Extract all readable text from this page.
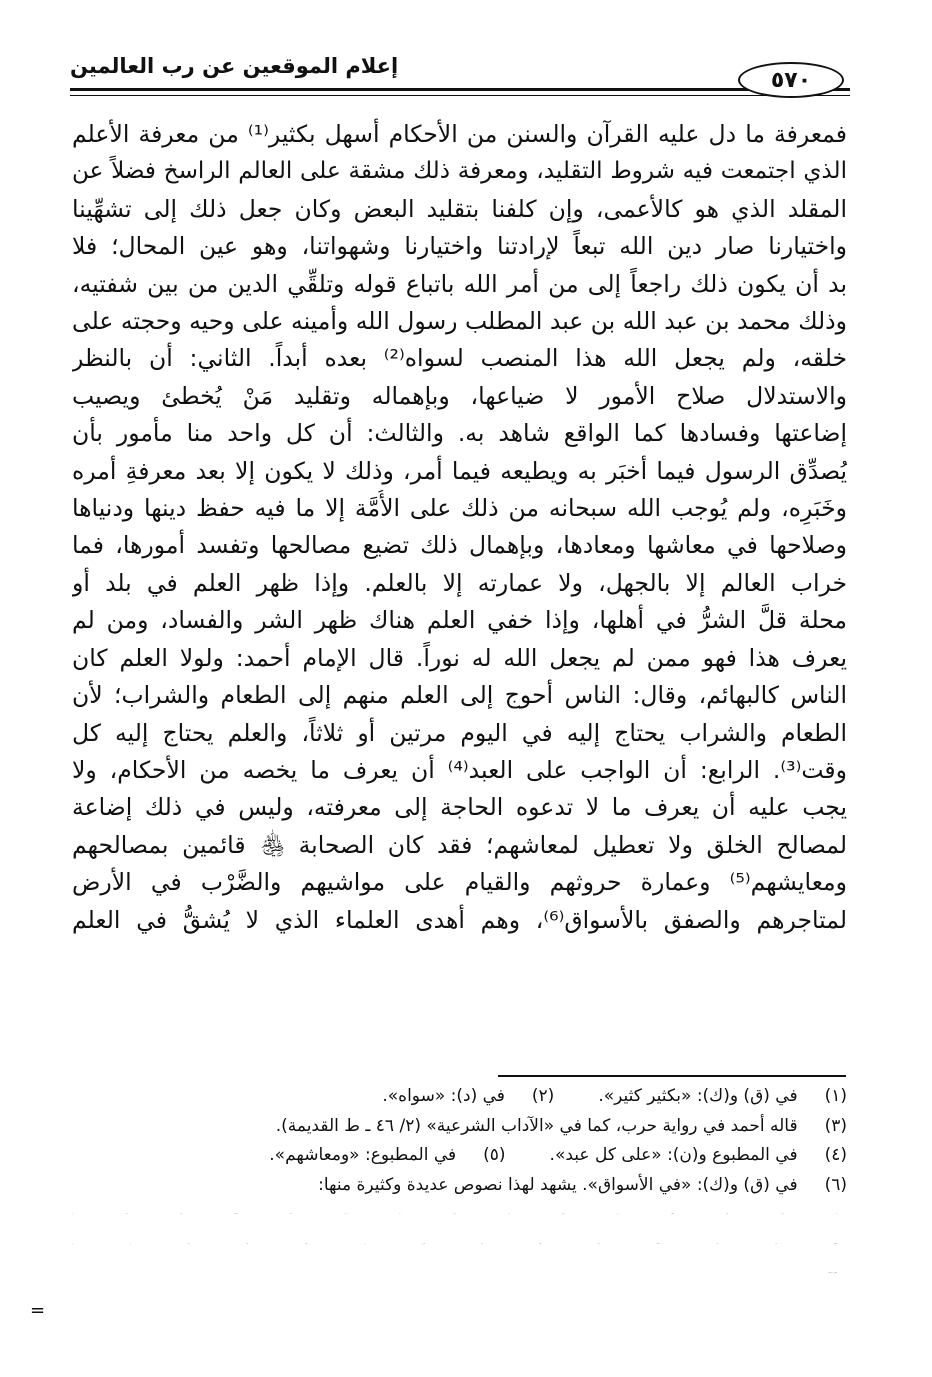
إعلام الموقعين عن رب العالمين
٥٧٠
فمعرفة ما دل عليه القرآن والسنن من الأحكام أسهل بكثير⁽¹⁾ من معرفة الأعلم
الذي اجتمعت فيه شروط التقليد، ومعرفة ذلك مشقة على العالم الراسخ فضلاً عن
المقلد الذي هو كالأعمى، وإن كلفنا بتقليد البعض وكان جعل ذلك إلى تشهِّينا
واختيارنا صار دين الله تبعاً لإرادتنا واختيارنا وشهواتنا، وهو عين المحال؛ فلا
بد أن يكون ذلك راجعاً إلى من أمر الله باتباع قوله وتلقِّي الدين من بين شفتيه،
وذلك محمد بن عبد الله بن عبد المطلب رسول الله وأمينه على وحيه وحجته على
خلقه، ولم يجعل الله هذا المنصب لسواه⁽²⁾ بعده أبداً. الثاني: أن بالنظر
والاستدلال صلاح الأمور لا ضياعها، وبإهماله وتقليد مَنْ يُخطئ ويصيب
إضاعتها وفسادها كما الواقع شاهد به. والثالث: أن كل واحد منا مأمور بأن
يُصدِّق الرسول فيما أخبَر به ويطيعه فيما أمر، وذلك لا يكون إلا بعد معرفةِ أمره
وخَبَرِه، ولم يُوجب الله سبحانه من ذلك على الأُمَّة إلا ما فيه حفظ دينها ودنياها
وصلاحها في معاشها ومعادها، وبإهمال ذلك تضيع مصالحها وتفسد أمورها، فما
خراب العالم إلا بالجهل، ولا عمارته إلا بالعلم. وإذا ظهر العلم في بلد أو
محلة قلَّ الشرُّ في أهلها، وإذا خفي العلم هناك ظهر الشر والفساد، ومن لم
يعرف هذا فهو ممن لم يجعل الله له نوراً. قال الإمام أحمد: ولولا العلم كان
الناس كالبهائم، وقال: الناس أحوج إلى العلم منهم إلى الطعام والشراب؛ لأن
الطعام والشراب يحتاج إليه في اليوم مرتين أو ثلاثاً، والعلم يحتاج إليه كل
وقت⁽³⁾. الرابع: أن الواجب على العبد⁽⁴⁾ أن يعرف ما يخصه من الأحكام، ولا
يجب عليه أن يعرف ما لا تدعوه الحاجة إلى معرفته، وليس في ذلك إضاعة
لمصالح الخلق ولا تعطيل لمعاشهم؛ فقد كان الصحابة ﵃ قائمين بمصالحهم
ومعايشهم⁽⁵⁾ وعمارة حروثهم والقيام على مواشيهم والضَّرْب في الأرض
لمتاجرهم والصفق بالأسواق⁽⁶⁾، وهم أهدى العلماء الذي لا يُشقُّ في العلم
(١) في (ق) و(ك): «بكثير كثير».
(٢) في (د): «سواه».
(٣) قاله أحمد في رواية حرب، كما في «الآداب الشرعية» (٢/ ٤٦ ـ ط القديمة).
(٤) في المطبوع و(ن): «على كل عبد».
(٥) في المطبوع: «ومعاشهم».
(٦) في (ق) و(ك): «في الأسواق». يشهد لهذا نصوص عديدة وكثيرة منها:
ما أخرجه عباس الدُّوري في «تاريخ ابن معين» (٢/ ٢٠٧) بسنده الصحيح إلى سعيد بن
المسيب؛ قال: «كان أصحاب رسول الله ﷺ يتَّجرون في البحر، منهم سعيد بن زيد
وطلحة بن عبيد الله».
=
